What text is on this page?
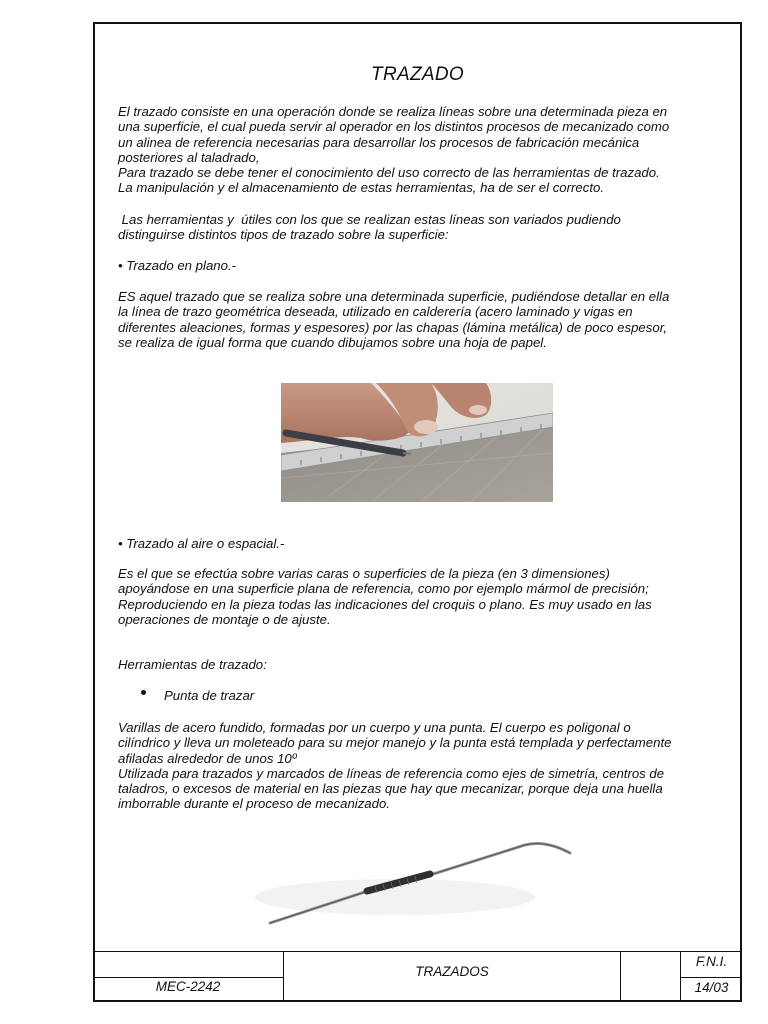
TRAZADO

El trazado consiste en una operación donde se realiza líneas sobre una determinada pieza en
una superficie, el cual pueda servir al operador en los distintos procesos de mecanizado como
un alinea de referencia necesarias para desarrollar los procesos de fabricación mecánica
posteriores al taladrado,
Para trazado se debe tener el conocimiento del uso correcto de las herramientas de trazado.
La manipulación y el almacenamiento de estas herramientas, ha de ser el correcto.

Las herramientas y  útiles con los que se realizan estas líneas son variados pudiendo
distinguirse distintos tipos de trazado sobre la superficie:

• Trazado en plano.-

ES aquel trazado que se realiza sobre una determinada superficie, pudiéndose detallar en ella
la línea de trazo geométrica deseada, utilizado en calderería (acero laminado y vigas en
diferentes aleaciones, formas y espesores) por las chapas (lámina metálica) de poco espesor,
se realiza de igual forma que cuando dibujamos sobre una hoja de papel.

• Trazado al aire o espacial.-

Es el que se efectúa sobre varias caras o superficies de la pieza (en 3 dimensiones)
apoyándose en una superficie plana de referencia, como por ejemplo mármol de precisión;
Reproduciendo en la pieza todas las indicaciones del croquis o plano. Es muy usado en las
operaciones de montaje o de ajuste.

Herramientas de trazado:

Punta de trazar

Varillas de acero fundido, formadas por un cuerpo y una punta. El cuerpo es poligonal o
cilíndrico y lleva un moleteado para su mejor manejo y la punta está templada y perfectamente
afiladas alrededor de unos 10º
Utilizada para trazados y marcados de líneas de referencia como ejes de simetría, centros de
taladros, o excesos de material en las piezas que hay que mecanizar, porque deja una huella
imborrable durante el proceso de mecanizado.

MEC-2242
TRAZADOS
F.N.I.
14/03
